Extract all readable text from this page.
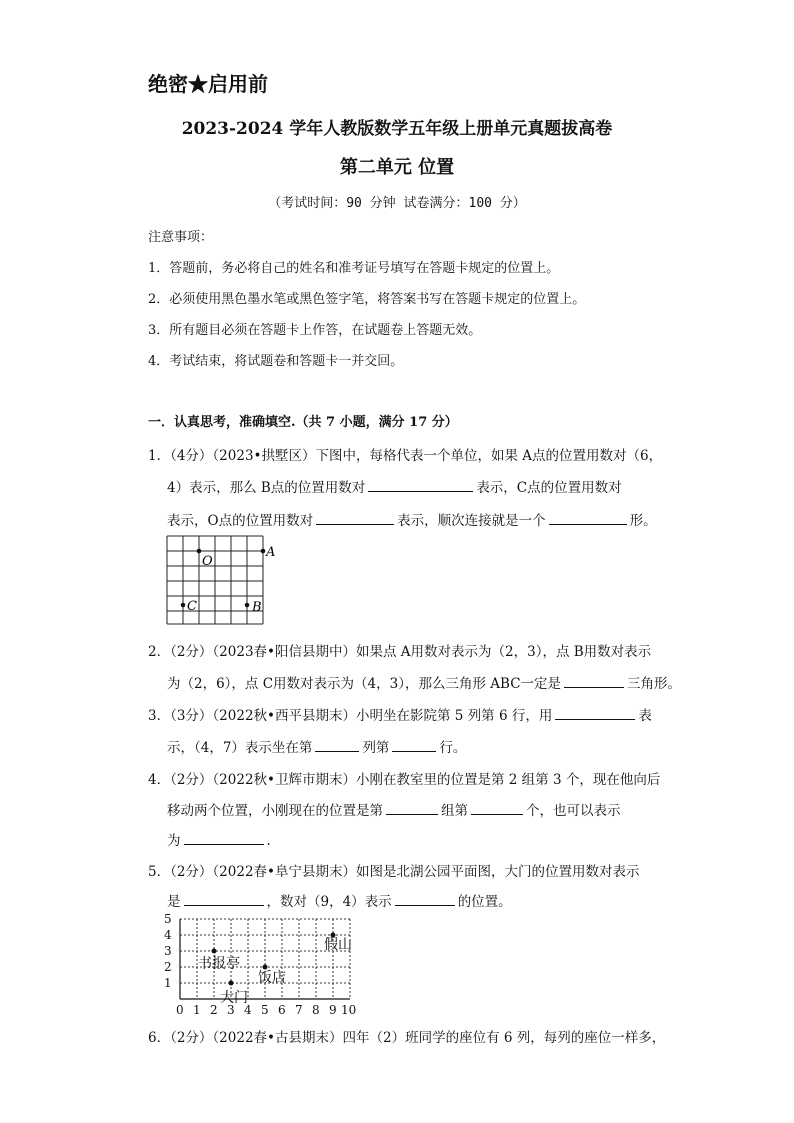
绝密★启用前
2023-2024 学年人教版数学五年级上册单元真题拔高卷
第二单元 位置
（考试时间：90 分钟 试卷满分：100 分）
注意事项：
1．答题前，务必将自己的姓名和准考证号填写在答题卡规定的位置上。
2．必须使用黑色墨水笔或黑色签字笔，将答案书写在答题卡规定的位置上。
3．所有题目必须在答题卡上作答，在试题卷上答题无效。
4．考试结束，将试题卷和答题卡一并交回。
一．认真思考，准确填空.（共 7 小题，满分 17 分）
1．（4分）（2023•拱墅区）下图中，每格代表一个单位，如果 A点的位置用数对（6，
4）表示，那么 B点的位置用数对	表示，C点的位置用数对
表示，O点的位置用数对	表示，顺次连接就是一个	形。
O
A
C	B
2．（2分）（2023春•阳信县期中）如果点 A用数对表示为（2，3），点 B用数对表示
为（2，6），点 C用数对表示为（4，3），那么三角形 ABC一定是	三角形。
3．（3分）（2022秋•西平县期末）小明坐在影院第 5 列第 6 行，用	表
示，（4，7）表示坐在第	列第	行。
4．（2分）（2022秋•卫辉市期末）小刚在教室里的位置是第 2 组第 3 个，现在他向后
移动两个位置，小刚现在的位置是第	组第	个，也可以表示
为	.
5．（2分）（2022春•阜宁县期末）如图是北湖公园平面图，大门的位置用数对表示
是	，数对（9，4）表示	的位置。
5
4
3
2
1
0 1 2 3 4 5 6 7 8 9 10
书报亭
假山
饭店
大门
6．（2分）（2022春•古县期末）四年（2）班同学的座位有 6 列，每列的座位一样多，
